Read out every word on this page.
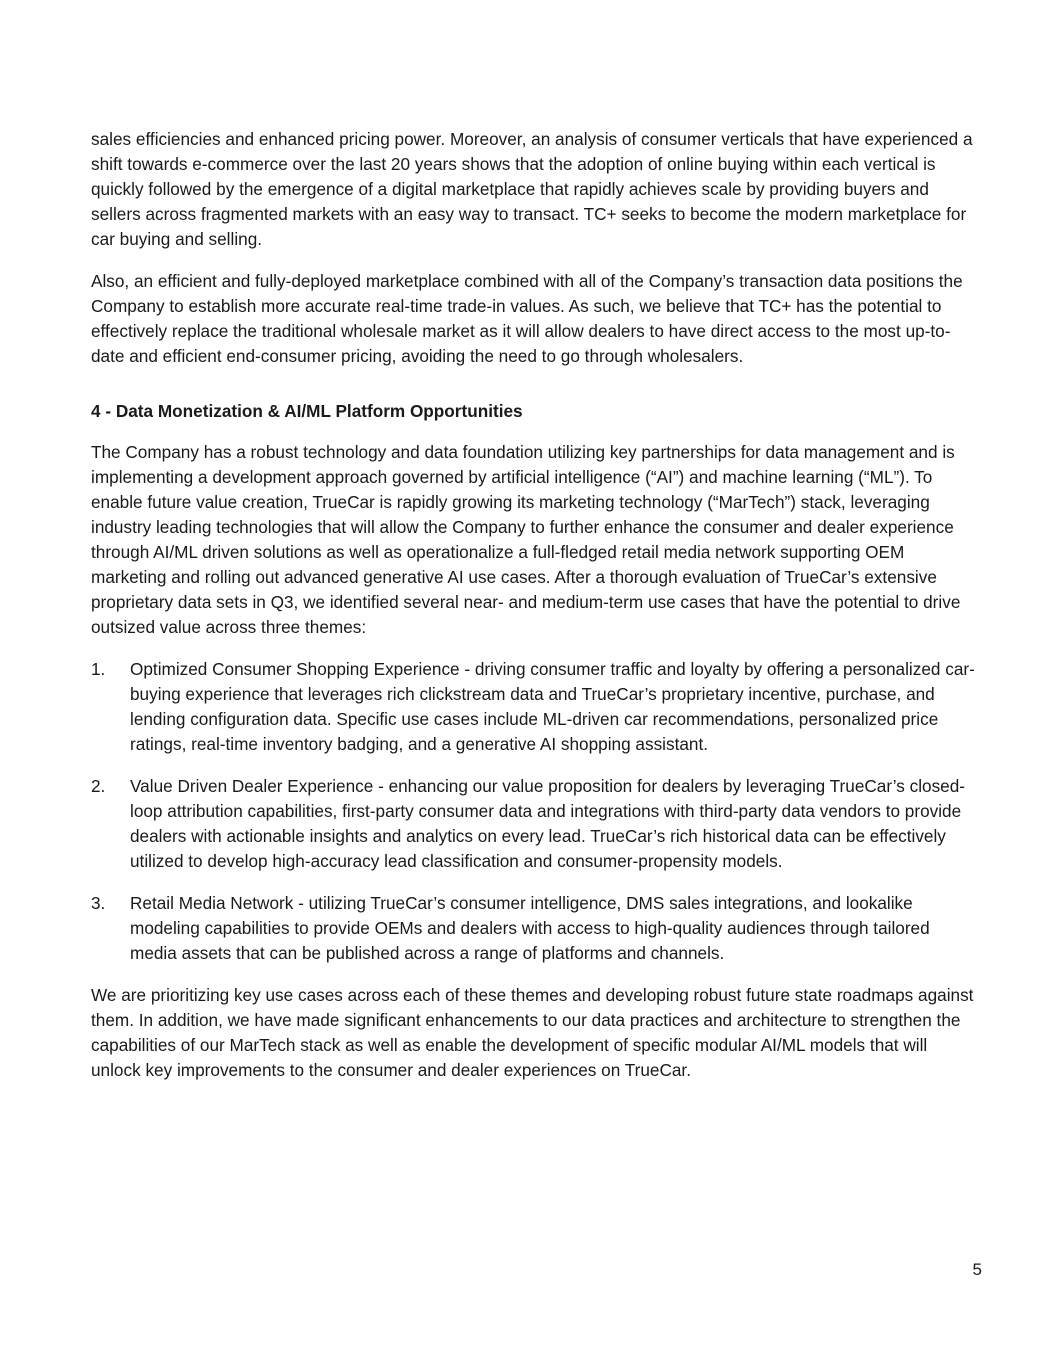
sales efficiencies and enhanced pricing power. Moreover, an analysis of consumer verticals that have experienced a shift towards e-commerce over the last 20 years shows that the adoption of online buying within each vertical is quickly followed by the emergence of a digital marketplace that rapidly achieves scale by providing buyers and sellers across fragmented markets with an easy way to transact. TC+ seeks to become the modern marketplace for car buying and selling.

Also, an efficient and fully-deployed marketplace combined with all of the Company’s transaction data positions the Company to establish more accurate real-time trade-in values. As such, we believe that TC+ has the potential to effectively replace the traditional wholesale market as it will allow dealers to have direct access to the most up-to-date and efficient end-consumer pricing, avoiding the need to go through wholesalers.

4 - Data Monetization & AI/ML Platform Opportunities

The Company has a robust technology and data foundation utilizing key partnerships for data management and is implementing a development approach governed by artificial intelligence (“AI”) and machine learning (“ML”). To enable future value creation, TrueCar is rapidly growing its marketing technology (“MarTech”) stack, leveraging industry leading technologies that will allow the Company to further enhance the consumer and dealer experience through AI/ML driven solutions as well as operationalize a full-fledged retail media network supporting OEM marketing and rolling out advanced generative AI use cases. After a thorough evaluation of TrueCar’s extensive proprietary data sets in Q3, we identified several near- and medium-term use cases that have the potential to drive outsized value across three themes:

1. Optimized Consumer Shopping Experience - driving consumer traffic and loyalty by offering a personalized car-buying experience that leverages rich clickstream data and TrueCar’s proprietary incentive, purchase, and lending configuration data. Specific use cases include ML-driven car recommendations, personalized price ratings, real-time inventory badging, and a generative AI shopping assistant.
2. Value Driven Dealer Experience - enhancing our value proposition for dealers by leveraging TrueCar’s closed-loop attribution capabilities, first-party consumer data and integrations with third-party data vendors to provide dealers with actionable insights and analytics on every lead. TrueCar’s rich historical data can be effectively utilized to develop high-accuracy lead classification and consumer-propensity models.
3. Retail Media Network - utilizing TrueCar’s consumer intelligence, DMS sales integrations, and lookalike modeling capabilities to provide OEMs and dealers with access to high-quality audiences through tailored media assets that can be published across a range of platforms and channels.

We are prioritizing key use cases across each of these themes and developing robust future state roadmaps against them. In addition, we have made significant enhancements to our data practices and architecture to strengthen the capabilities of our MarTech stack as well as enable the development of specific modular AI/ML models that will unlock key improvements to the consumer and dealer experiences on TrueCar.

5
